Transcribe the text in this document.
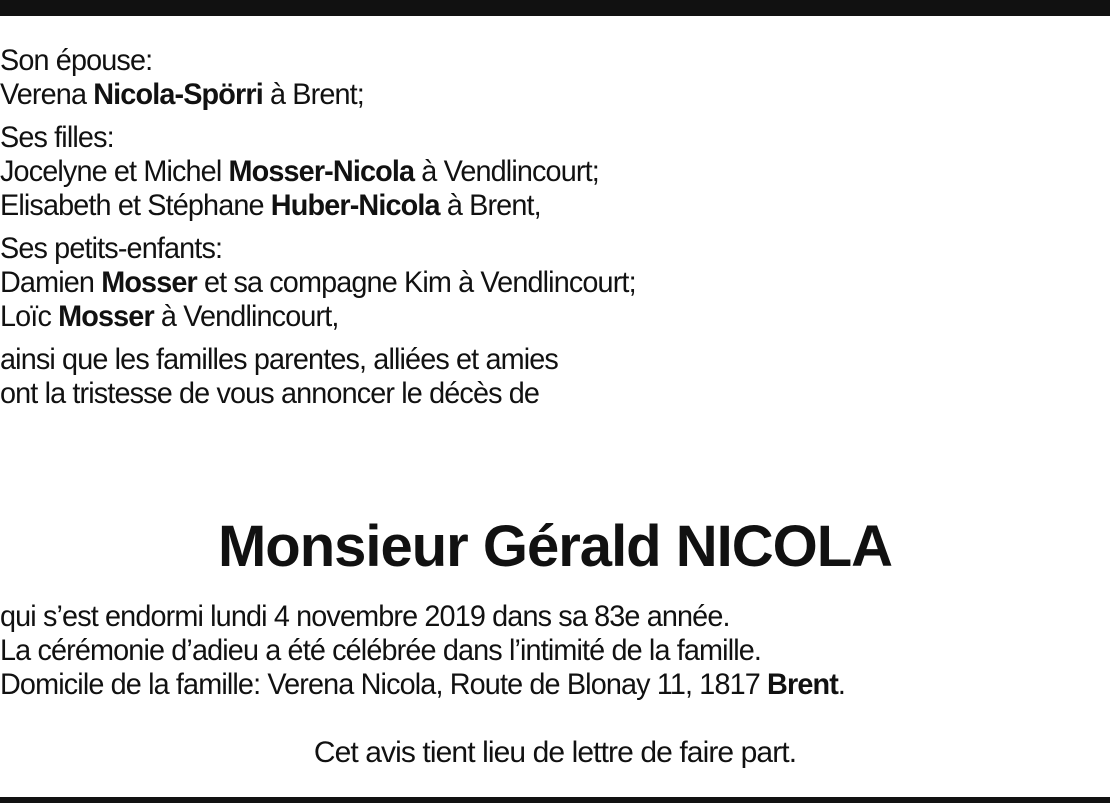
Son épouse:
Verena Nicola-Spörri à Brent;
Ses filles:
Jocelyne et Michel Mosser-Nicola à Vendlincourt;
Elisabeth et Stéphane Huber-Nicola à Brent,
Ses petits-enfants:
Damien Mosser et sa compagne Kim à Vendlincourt;
Loïc Mosser à Vendlincourt,
ainsi que les familles parentes, alliées et amies
ont la tristesse de vous annoncer le décès de
Monsieur Gérald NICOLA
qui s’est endormi lundi 4 novembre 2019 dans sa 83e année.
La cérémonie d’adieu a été célébrée dans l’intimité de la famille.
Domicile de la famille: Verena Nicola, Route de Blonay 11, 1817 Brent.
Cet avis tient lieu de lettre de faire part.
